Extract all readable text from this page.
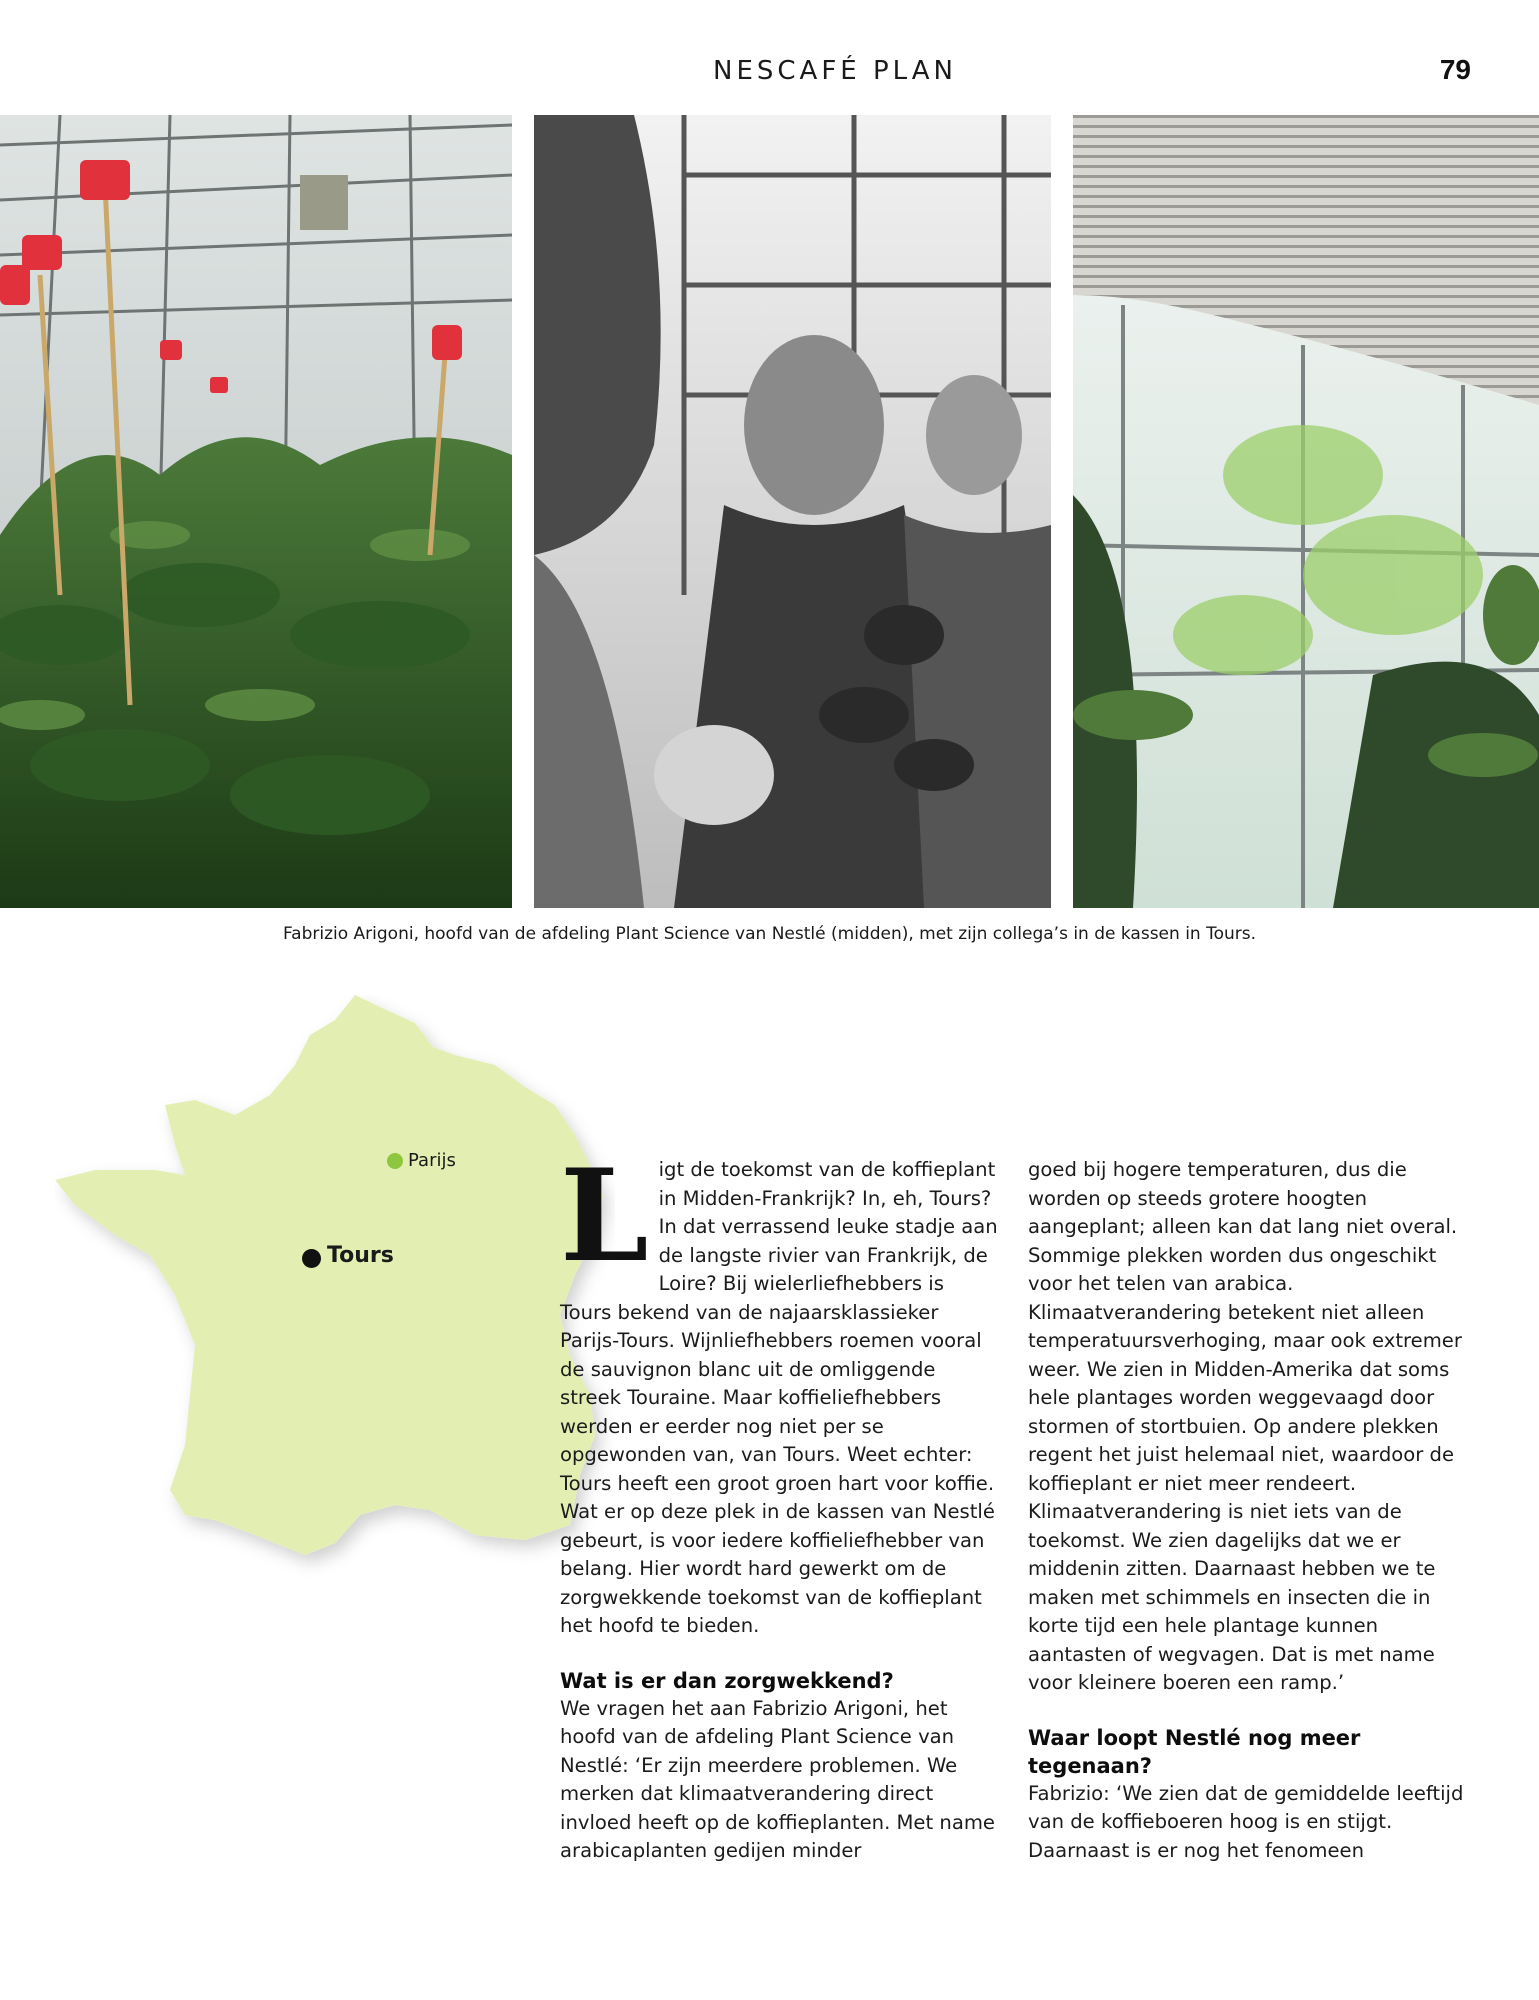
NESCAFÉ PLAN	79
Fabrizio Arigoni, hoofd van de afdeling Plant Science van Nestlé (midden), met zijn collega’s in de kassen in Tours.
Parijs
Tours Ligt de toekomst van de koffieplant in Midden-Frankrijk? In, eh, Tours? In dat verrassend leuke stadje aan de langste rivier van Frankrijk, de Loire? Bij wielerliefhebbers is Tours bekend van de najaarsklassieker Parijs-Tours. Wijnliefhebbers roemen vooral de sauvignon blanc uit de omliggende streek Touraine. Maar koffieliefhebbers werden er eerder nog niet per se opgewonden van, van Tours. Weet echter: Tours heeft een groot groen hart voor koffie. Wat er op deze plek in de kassen van Nestlé gebeurt, is voor iedere koffieliefhebber van belang. Hier wordt hard gewerkt om de zorgwekkende toekomst van de koffieplant het hoofd te bieden.

Wat is er dan zorgwekkend?

We vragen het aan Fabrizio Arigoni, het hoofd van de afdeling Plant Science van Nestlé: ‘Er zijn meerdere problemen. We merken dat klimaatverandering direct invloed heeft op de koffieplanten. Met name arabicaplanten gedijen minder

goed bij hogere temperaturen, dus die worden op steeds grotere hoogten aangeplant; alleen kan dat lang niet overal. Sommige plekken worden dus ongeschikt voor het telen van arabica. Klimaatverandering betekent niet alleen temperatuursverhoging, maar ook extremer weer. We zien in Midden-Amerika dat soms hele plantages worden weggevaagd door stormen of stortbuien. Op andere plekken regent het juist helemaal niet, waardoor de koffieplant er niet meer rendeert. Klimaatverandering is niet iets van de toekomst. We zien dagelijks dat we er middenin zitten. Daarnaast hebben we te maken met schimmels en insecten die in korte tijd een hele plantage kunnen aantasten of wegvagen. Dat is met name voor kleinere boeren een ramp.’

Waar loopt Nestlé nog meer tegenaan?

Fabrizio: ‘We zien dat de gemiddelde leeftijd van de koffieboeren hoog is en stijgt. Daarnaast is er nog het fenomeen
